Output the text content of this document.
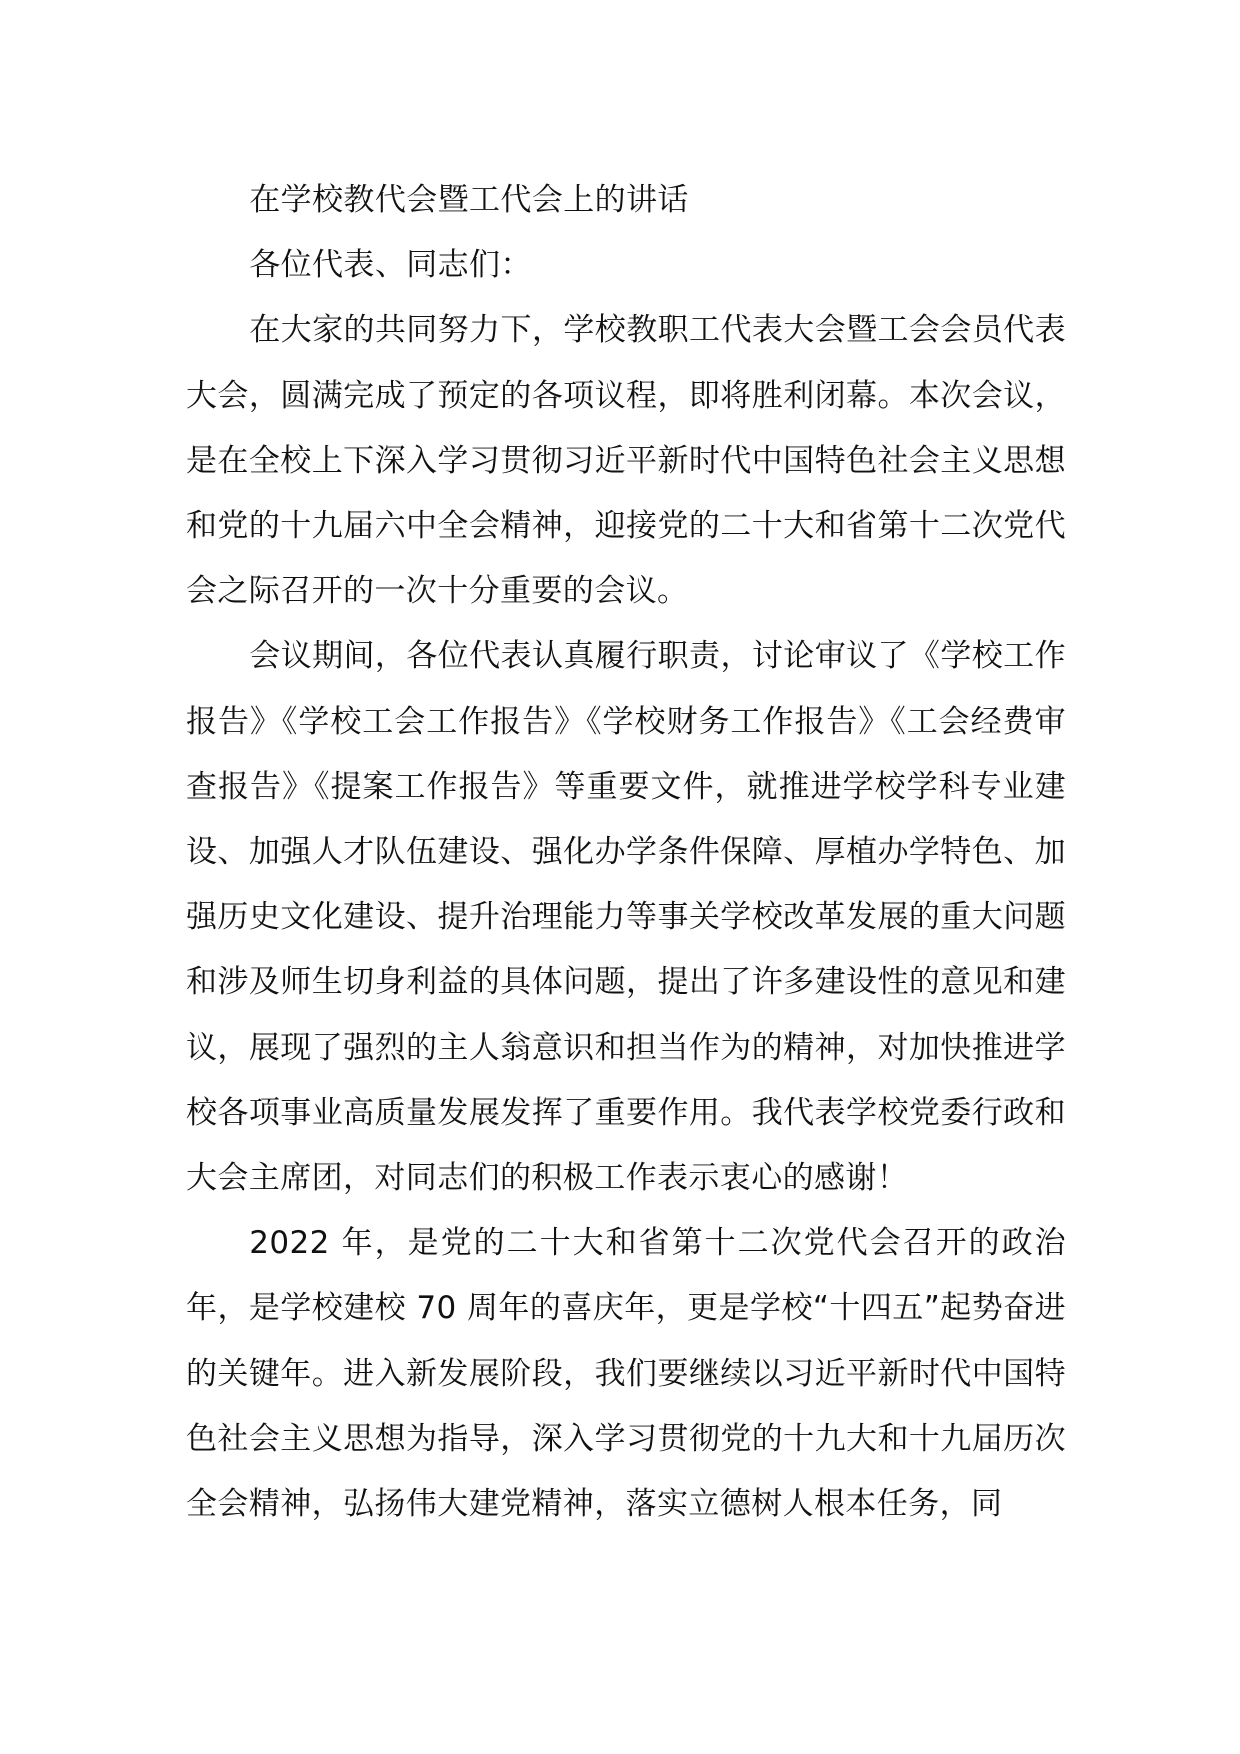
在学校教代会暨工代会上的讲话

各位代表、同志们：

在大家的共同努力下，学校教职工代表大会暨工会会员代表大会，圆满完成了预定的各项议程，即将胜利闭幕。本次会议，是在全校上下深入学习贯彻习近平新时代中国特色社会主义思想和党的十九届六中全会精神，迎接党的二十大和省第十二次党代会之际召开的一次十分重要的会议。

会议期间，各位代表认真履行职责，讨论审议了《学校工作报告》《学校工会工作报告》《学校财务工作报告》《工会经费审查报告》《提案工作报告》等重要文件，就推进学校学科专业建设、加强人才队伍建设、强化办学条件保障、厚植办学特色、加强历史文化建设、提升治理能力等事关学校改革发展的重大问题和涉及师生切身利益的具体问题，提出了许多建设性的意见和建议，展现了强烈的主人翁意识和担当作为的精神，对加快推进学校各项事业高质量发展发挥了重要作用。我代表学校党委行政和大会主席团，对同志们的积极工作表示衷心的感谢！

2022 年，是党的二十大和省第十二次党代会召开的政治年，是学校建校 70 周年的喜庆年，更是学校“十四五”起势奋进的关键年。进入新发展阶段，我们要继续以习近平新时代中国特色社会主义思想为指导，深入学习贯彻党的十九大和十九届历次全会精神，弘扬伟大建党精神，落实立德树人根本任务，同
